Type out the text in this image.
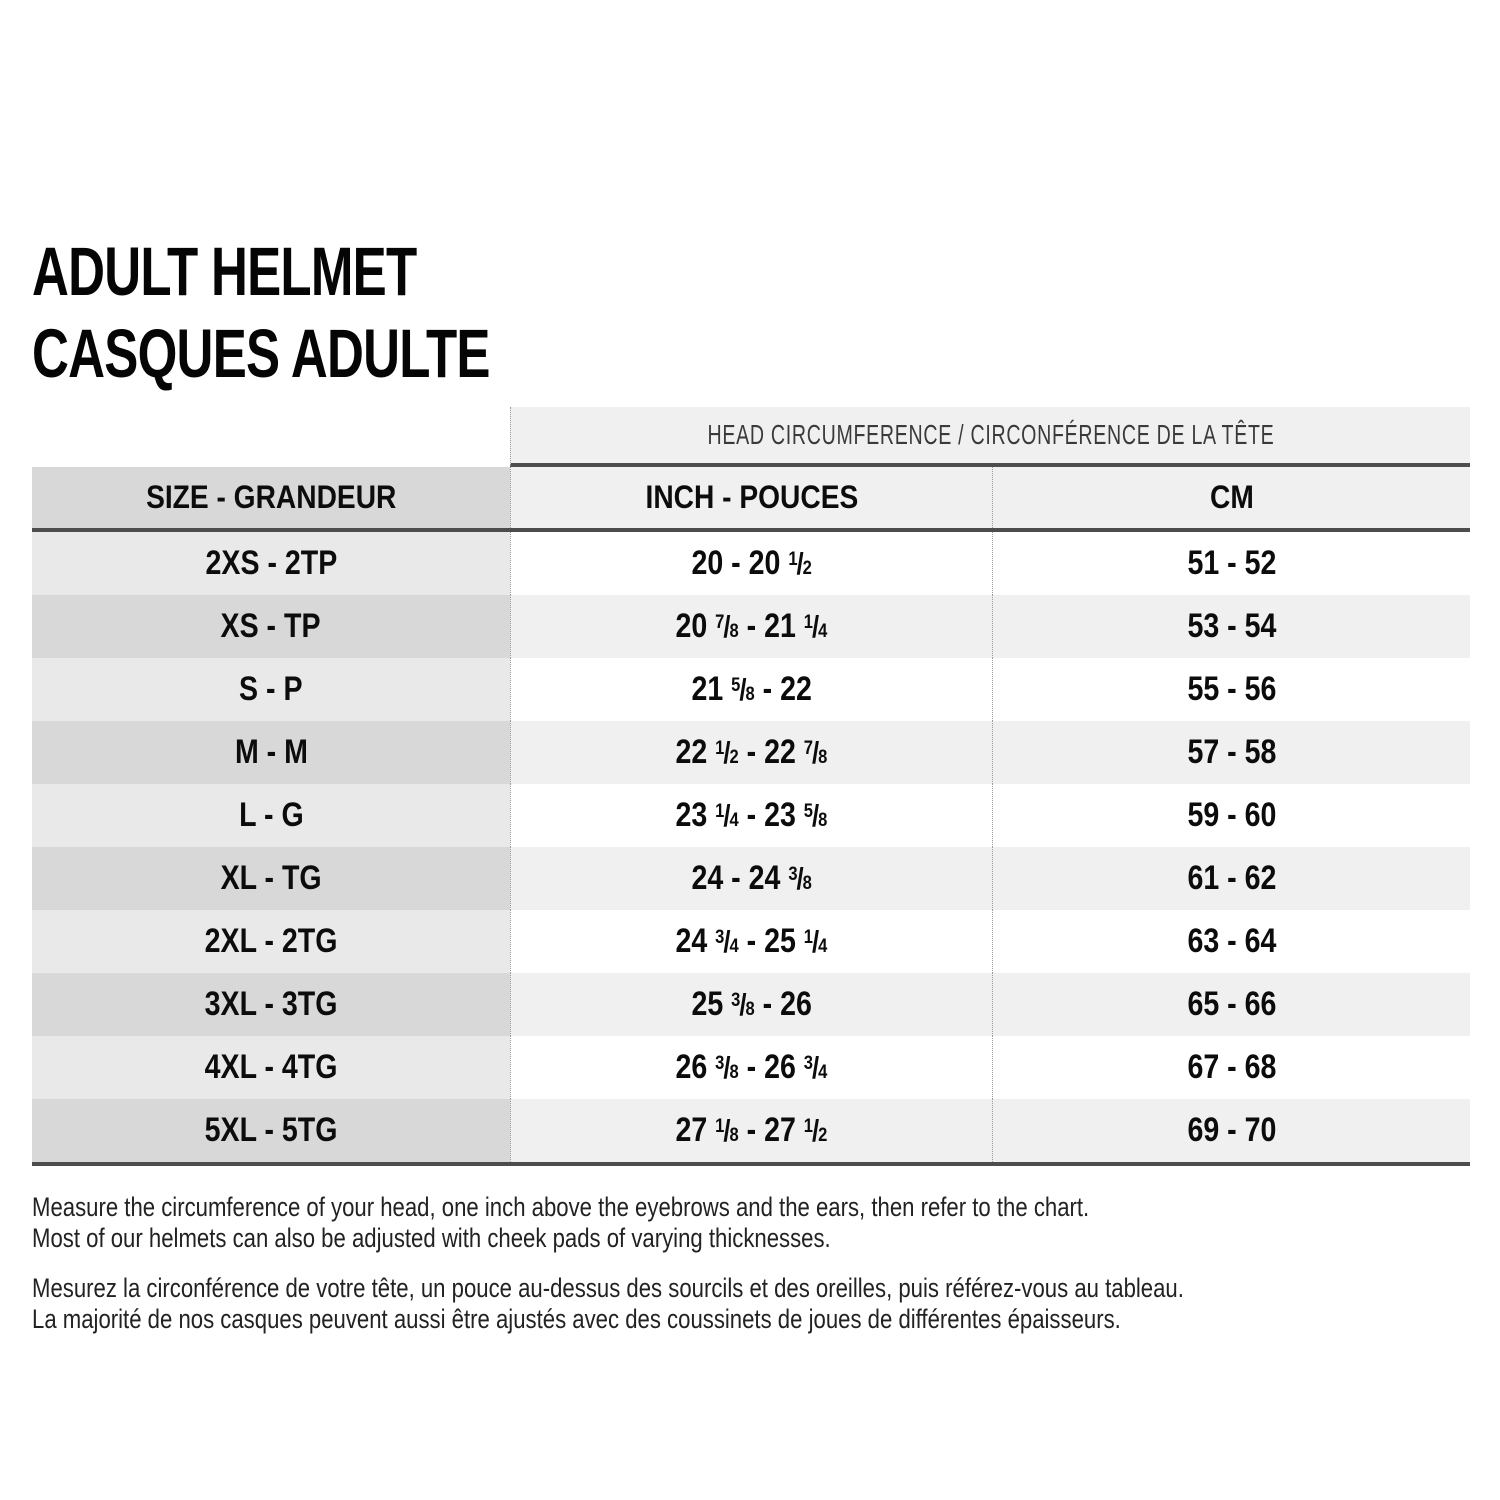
ADULT HELMET
CASQUES ADULTE
HEAD CIRCUMFERENCE / CIRCONFÉRENCE DE LA TÊTE
SIZE - GRANDEUR	INCH - POUCES	CM
2XS - 2TP	20 - 20 $^1$/2	51 - 52
XS - TP	20 $^7$/8 - 21 $^1$/4	53 - 54
S - P	21 $^5$/8 - 22	55 - 56
M - M	22 $^1$/2 - 22 $^7$/8	57 - 58
L - G	23 $^1$/4 - 23 $^5$/8	59 - 60
XL - TG	24 - 24 $^3$/8	61 - 62
2XL - 2TG	24 $^3$/4 - 25 $^1$/4	63 - 64
3XL - 3TG	25 $^3$/8 - 26	65 - 66
4XL - 4TG	26 $^3$/8 - 26 $^3$/4	67 - 68
5XL - 5TG	27 $^1$/8 - 27 $^1$/2	69 - 70

Measure the circumference of your head, one inch above the eyebrows and the ears, then refer to the chart.
Most of our helmets can also be adjusted with cheek pads of varying thicknesses.

Mesurez la circonférence de votre tête, un pouce au-dessus des sourcils et des oreilles, puis référez-vous au tableau.
La majorité de nos casques peuvent aussi être ajustés avec des coussinets de joues de différentes épaisseurs.
